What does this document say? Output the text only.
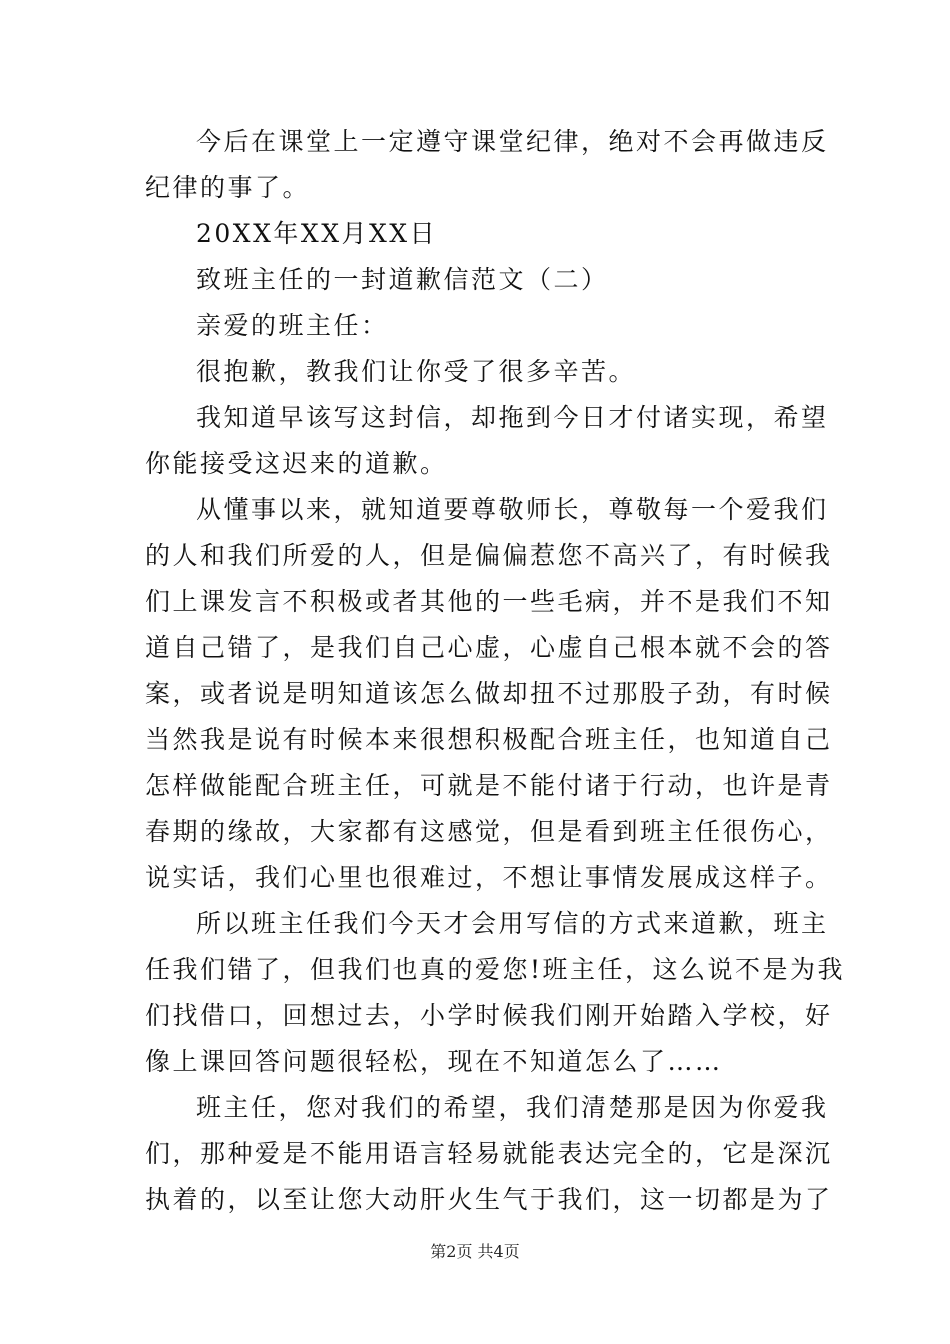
今后在课堂上一定遵守课堂纪律，绝对不会再做违反
纪律的事了。
20XX年XX月XX日
致班主任的一封道歉信范文（二）
亲爱的班主任：
很抱歉，教我们让你受了很多辛苦。
我知道早该写这封信，却拖到今日才付诸实现，希望
你能接受这迟来的道歉。
从懂事以来，就知道要尊敬师长，尊敬每一个爱我们
的人和我们所爱的人，但是偏偏惹您不高兴了，有时候我
们上课发言不积极或者其他的一些毛病，并不是我们不知
道自己错了，是我们自己心虚，心虚自己根本就不会的答
案，或者说是明知道该怎么做却扭不过那股子劲，有时候
当然我是说有时候本来很想积极配合班主任，也知道自己
怎样做能配合班主任，可就是不能付诸于行动，也许是青
春期的缘故，大家都有这感觉，但是看到班主任很伤心，
说实话，我们心里也很难过，不想让事情发展成这样子。
所以班主任我们今天才会用写信的方式来道歉，班主
任我们错了，但我们也真的爱您!班主任，这么说不是为我
们找借口，回想过去，小学时候我们刚开始踏入学校，好
像上课回答问题很轻松，现在不知道怎么了……
班主任，您对我们的希望，我们清楚那是因为你爱我
们，那种爱是不能用语言轻易就能表达完全的，它是深沉
执着的，以至让您大动肝火生气于我们，这一切都是为了
第2页 共4页
